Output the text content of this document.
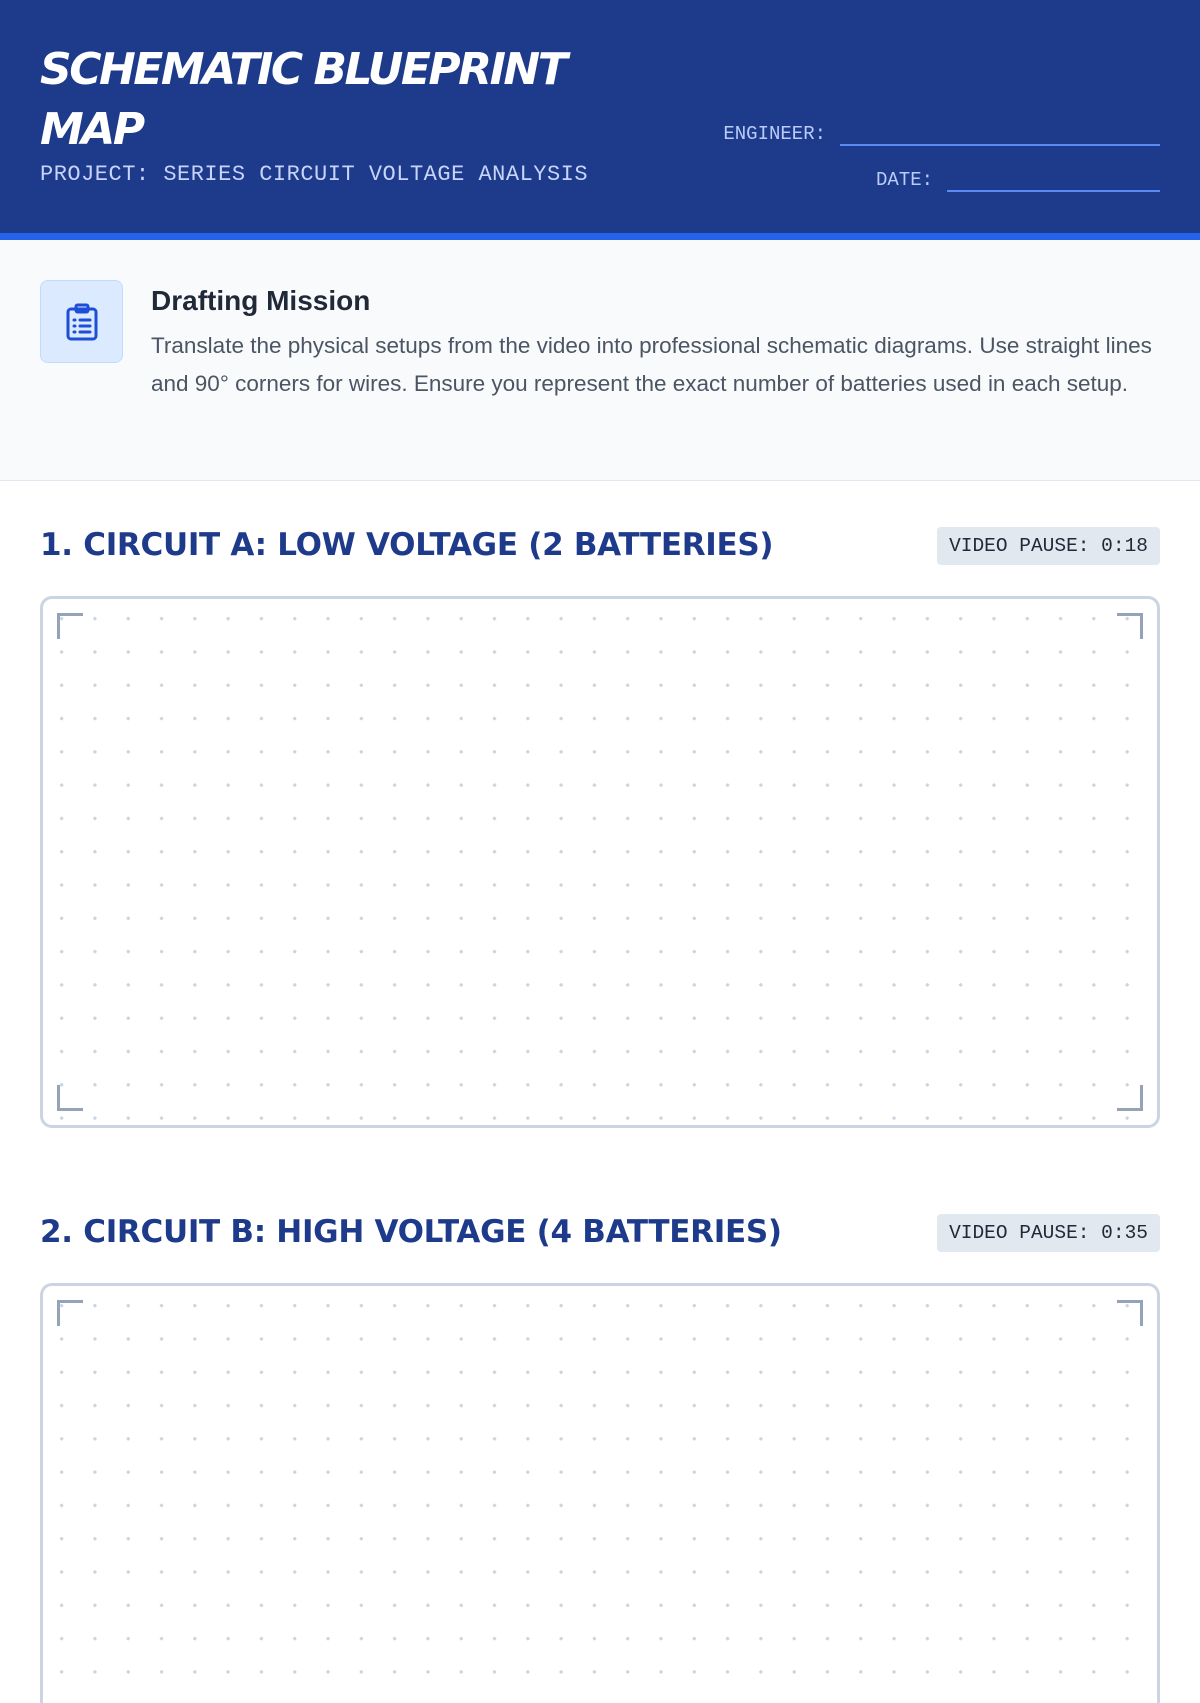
SCHEMATIC BLUEPRINT MAP
PROJECT: SERIES CIRCUIT VOLTAGE ANALYSIS
ENGINEER:
DATE:
Drafting Mission
Translate the physical setups from the video into professional schematic diagrams. Use straight lines and 90° corners for wires. Ensure you represent the exact number of batteries used in each setup.
1. CIRCUIT A: LOW VOLTAGE (2 BATTERIES)	VIDEO PAUSE: 0:18
2. CIRCUIT B: HIGH VOLTAGE (4 BATTERIES)	VIDEO PAUSE: 0:35
